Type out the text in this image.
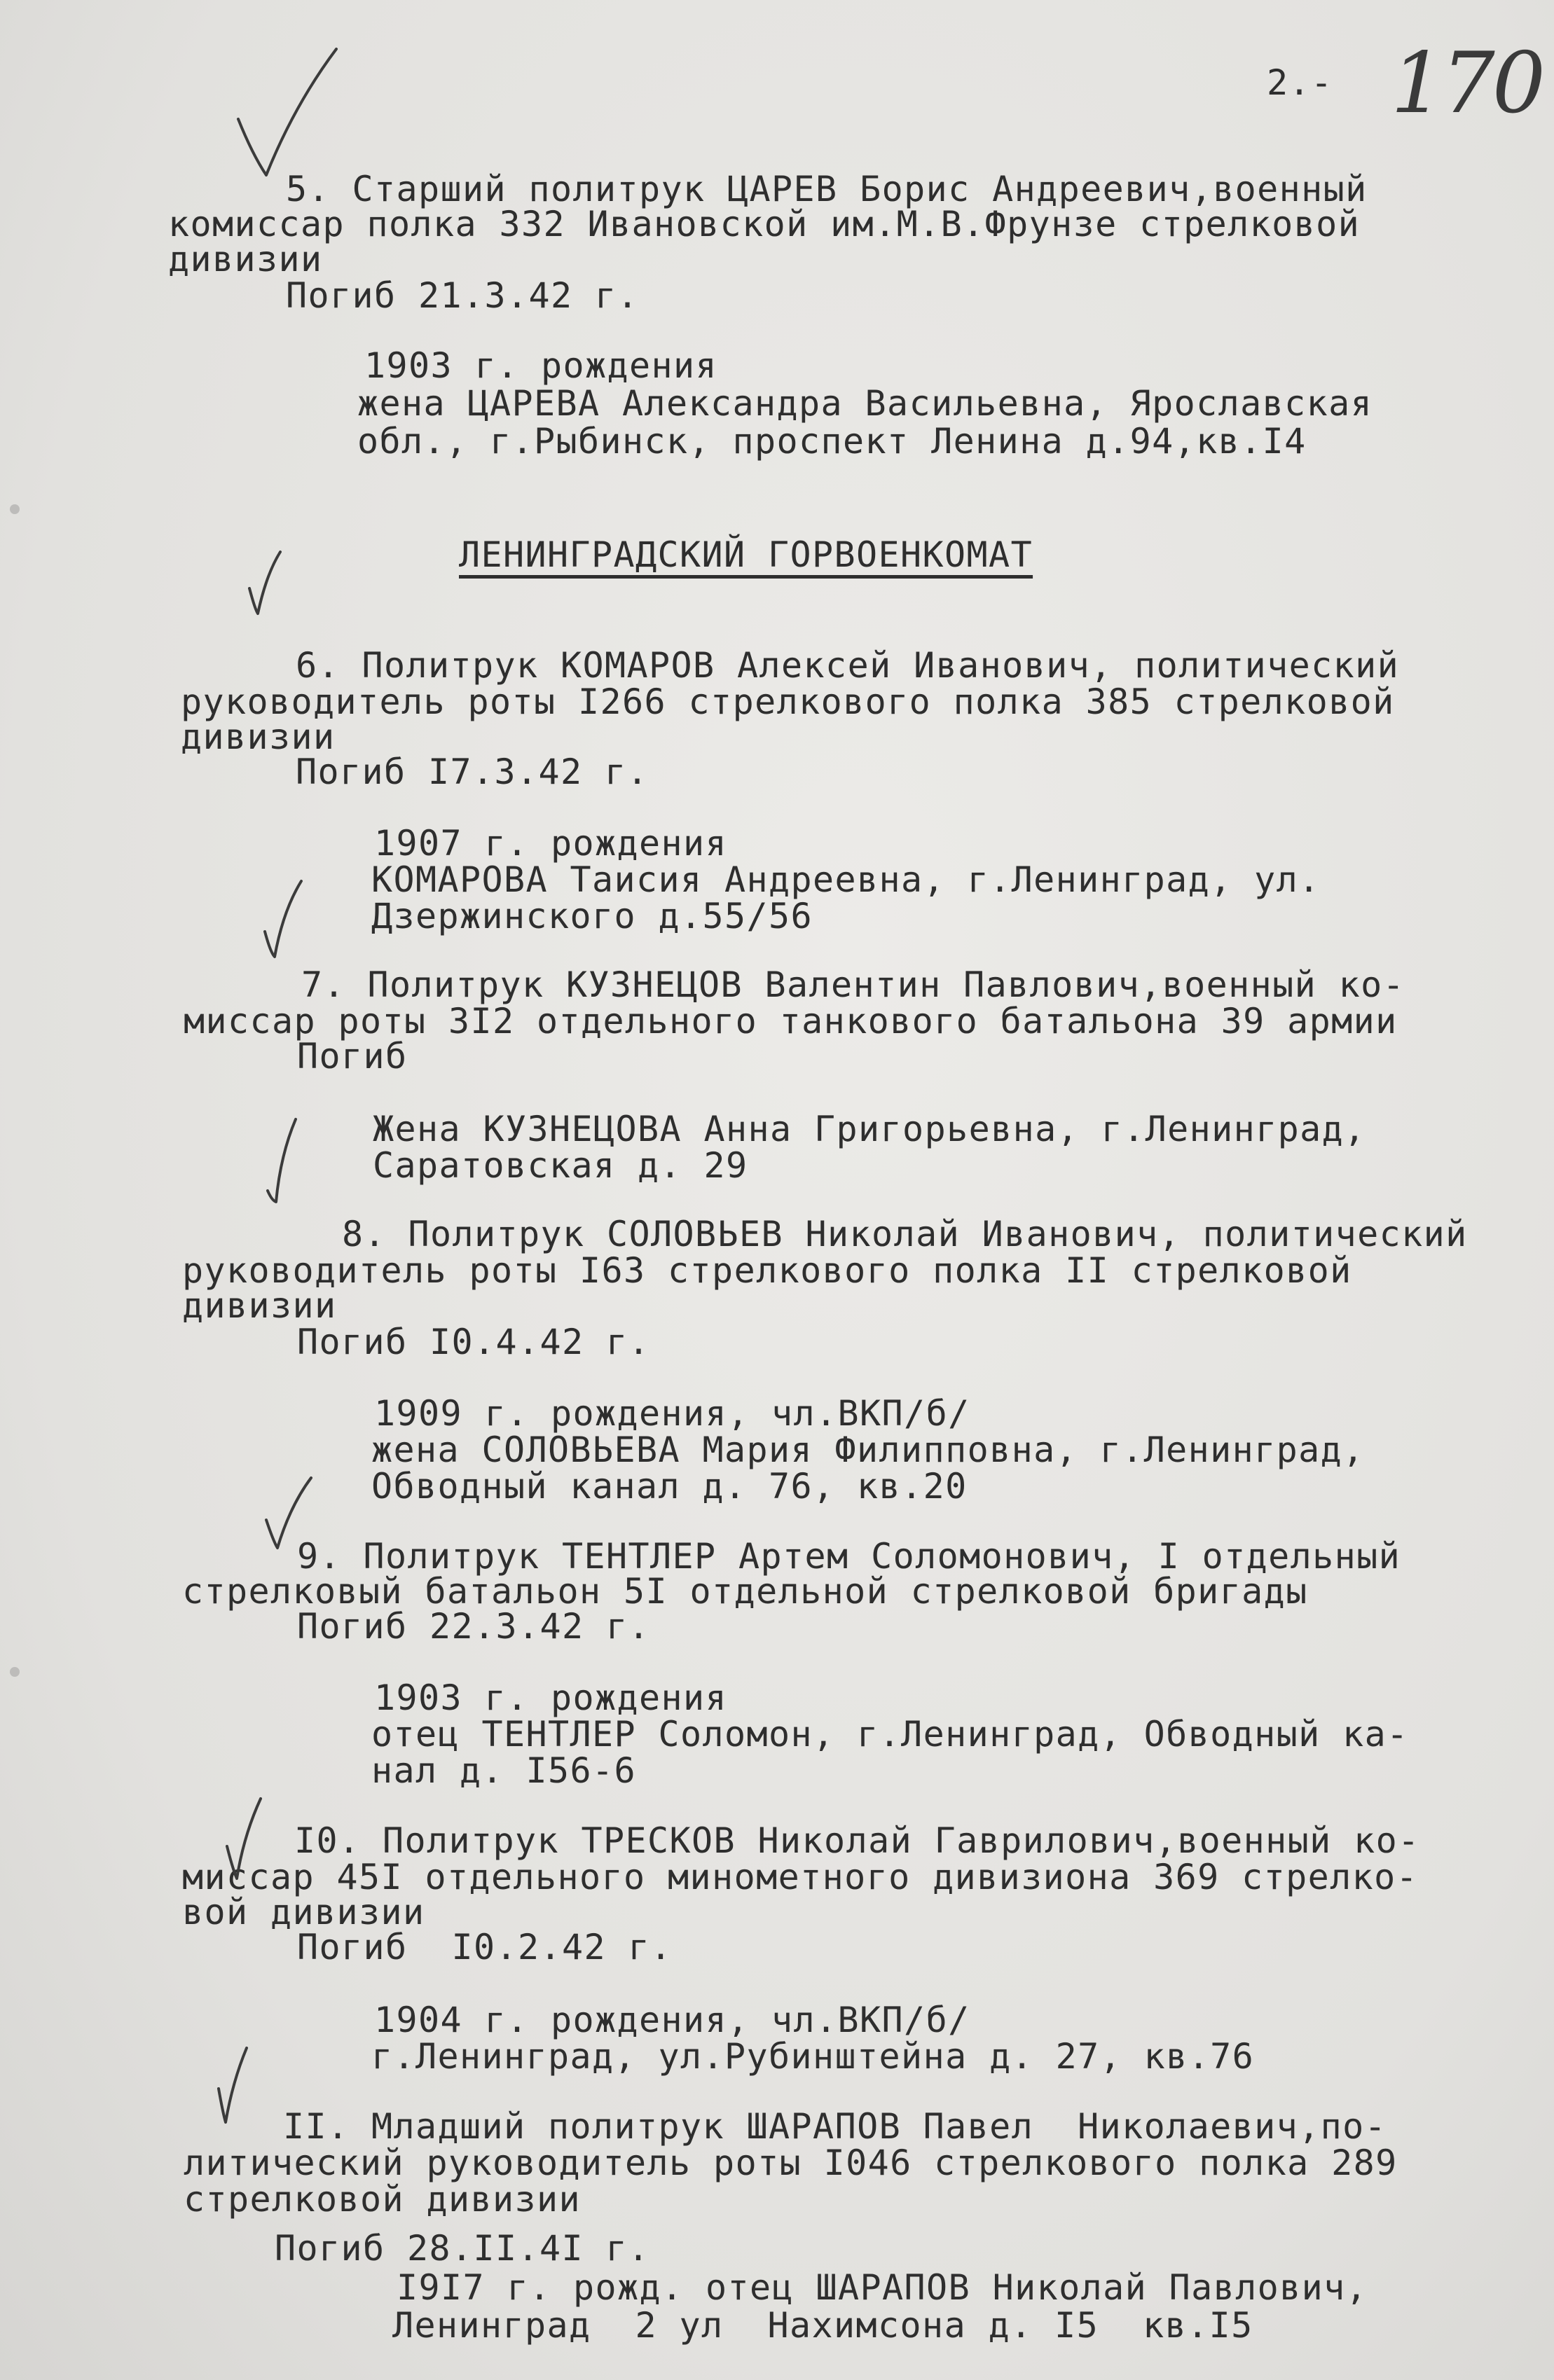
2.- 170
5. Старший политрук ЦАРЕВ Борис Андреевич,военный
комиссар полка 332 Ивановской им.М.В.Фрунзе стрелковой
дивизии
Погиб 21.3.42 г.
1903 г. рождения
жена ЦАРЕВА Александра Васильевна, Ярославская
обл., г.Рыбинск, проспект Ленина д.94,кв.I4
ЛЕНИНГРАДСКИЙ ГОРВОЕНКОМАТ
6. Политрук КОМАРОВ Алексей Иванович, политический
руководитель роты I266 стрелкового полка 385 стрелковой
дивизии
Погиб I7.3.42 г.
1907 г. рождения
КОМАРОВА Таисия Андреевна, г.Ленинград, ул.
Дзержинского д.55/56
7. Политрук КУЗНЕЦОВ Валентин Павлович,военный ко-
миссар роты 3I2 отдельного танкового батальона 39 армии
Погиб
Жена КУЗНЕЦОВА Анна Григорьевна, г.Ленинград,
Саратовская д. 29
8. Политрук СОЛОВЬЕВ Николай Иванович, политический
руководитель роты I63 стрелкового полка II стрелковой
дивизии
Погиб I0.4.42 г.
1909 г. рождения, чл.ВКП/б/
жена СОЛОВЬЕВА Мария Филипповна, г.Ленинград,
Обводный канал д. 76, кв.20
9. Политрук ТЕНТЛЕР Артем Соломонович, I отдельный
стрелковый батальон 5I отдельной стрелковой бригады
Погиб 22.3.42 г.
1903 г. рождения
отец ТЕНТЛЕР Соломон, г.Ленинград, Обводный ка-
нал д. I56-6
I0. Политрук ТРЕСКОВ Николай Гаврилович,военный ко-
миссар 45I отдельного минометного дивизиона 369 стрелко-
вой дивизии
Погиб  I0.2.42 г.
1904 г. рождения, чл.ВКП/б/
г.Ленинград, ул.Рубинштейна д. 27, кв.76
II. Младший политрук ШАРАПОВ Павел  Николаевич,по-
литический руководитель роты I046 стрелкового полка 289
стрелковой дивизии
Погиб 28.II.4I г.
I9I7 г. рожд. отец ШАРАПОВ Николай Павлович,
Ленинград  2 ул  Нахимсона д. I5  кв.I5
